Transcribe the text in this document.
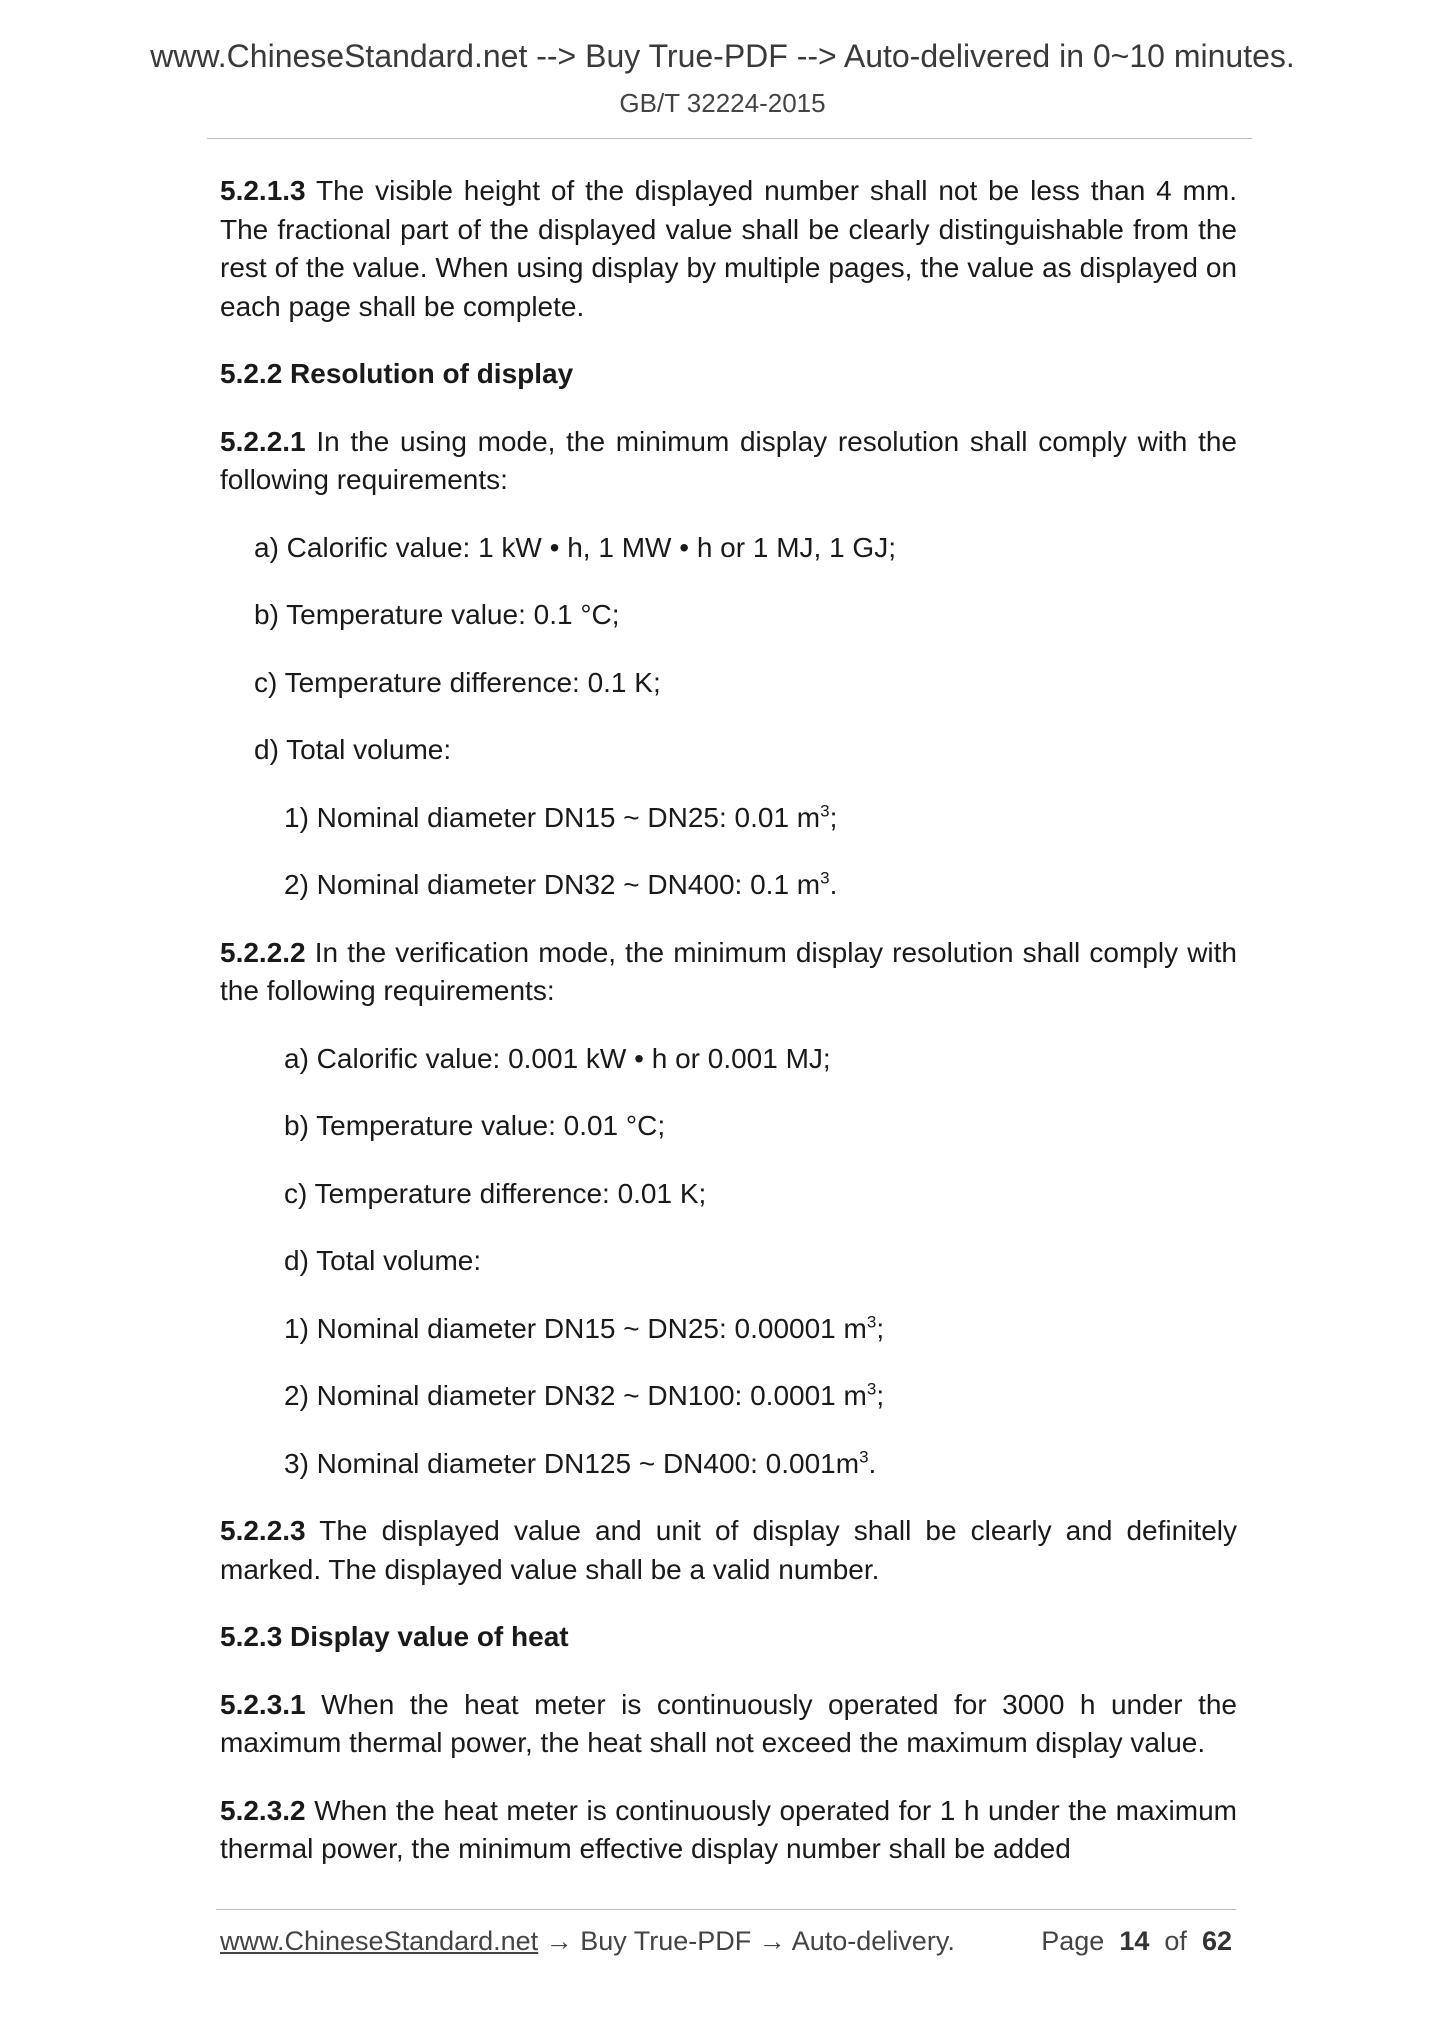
www.ChineseStandard.net --> Buy True-PDF --> Auto-delivered in 0~10 minutes.

GB/T 32224-2015

5.2.1.3 The visible height of the displayed number shall not be less than 4 mm. The fractional part of the displayed value shall be clearly distinguishable from the rest of the value. When using display by multiple pages, the value as displayed on each page shall be complete.

5.2.2 Resolution of display

5.2.2.1 In the using mode, the minimum display resolution shall comply with the following requirements:

a) Calorific value: 1 kW • h, 1 MW • h or 1 MJ, 1 GJ;

b) Temperature value: 0.1 °C;

c) Temperature difference: 0.1 K;

d) Total volume:

1) Nominal diameter DN15 ~ DN25: 0.01 $m^3$;

2) Nominal diameter DN32 ~ DN400: 0.1 $m^3$.

5.2.2.2 In the verification mode, the minimum display resolution shall comply with the following requirements:

a) Calorific value: 0.001 kW • h or 0.001 MJ;

b) Temperature value: 0.01 °C;

c) Temperature difference: 0.01 K;

d) Total volume:

1) Nominal diameter DN15 ~ DN25: 0.00001 $m^3$;

2) Nominal diameter DN32 ~ DN100: 0.0001 $m^3$;

3) Nominal diameter DN125 ~ DN400: $0.001m^3$.

5.2.2.3 The displayed value and unit of display shall be clearly and definitely marked. The displayed value shall be a valid number.

5.2.3 Display value of heat

5.2.3.1 When the heat meter is continuously operated for 3000 h under the maximum thermal power, the heat shall not exceed the maximum display value.

5.2.3.2 When the heat meter is continuously operated for 1 h under the maximum thermal power, the minimum effective display number shall be added

www.ChineseStandard.net → Buy True-PDF → Auto-delivery.	Page 14 of 62
